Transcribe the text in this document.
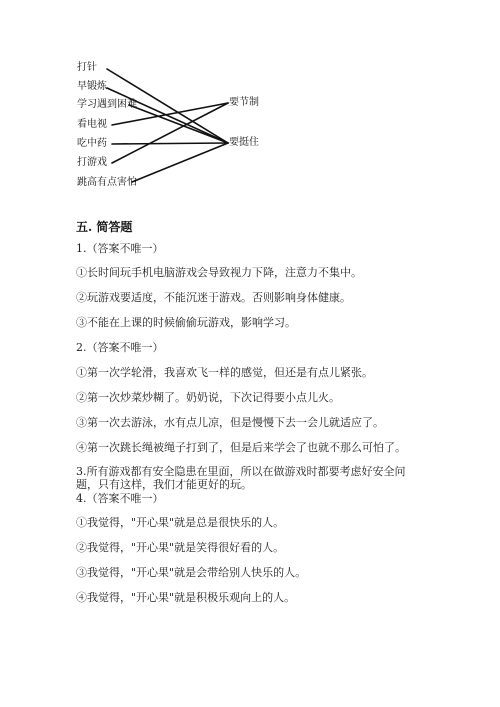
打针
早锻炼
学习遇到困难
看电视
吃中药
打游戏
跳高有点害怕
要节制
要挺住
五. 简答题
1.（答案不唯一）
①长时间玩手机电脑游戏会导致视力下降，注意力不集中。
②玩游戏要适度，不能沉迷于游戏。否则影响身体健康。
③不能在上课的时候偷偷玩游戏，影响学习。
2.（答案不唯一）
①第一次学轮滑，我喜欢飞一样的感觉，但还是有点儿紧张。
②第一次炒菜炒糊了。奶奶说，下次记得要小点儿火。
③第一次去游泳，水有点儿凉，但是慢慢下去一会儿就适应了。
④第一次跳长绳被绳子打到了，但是后来学会了也就不那么可怕了。
3.所有游戏都有安全隐患在里面，所以在做游戏时都要考虑好安全问题，只有这样，我们才能更好的玩。
4.（答案不唯一）
①我觉得，"开心果"就是总是很快乐的人。
②我觉得，"开心果"就是笑得很好看的人。
③我觉得，"开心果"就是会带给别人快乐的人。
④我觉得，"开心果"就是积极乐观向上的人。
